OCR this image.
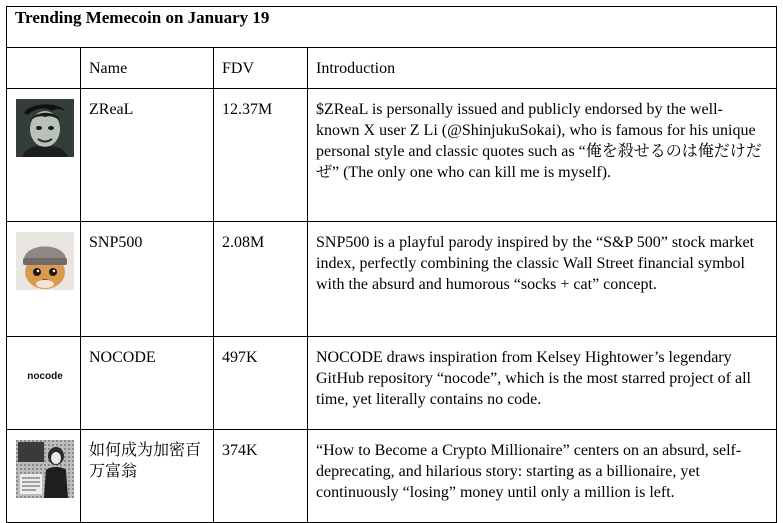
Trending Memecoin on January 19			
	Name	FDV	Introduction

	ZReaL	12.37M	$ZReaL is personally issued and publicly endorsed by the well-known X user Z Li (@ShinjukuSokai), who is famous for his unique personal style and classic quotes such as “俺を殺せるのは俺だけだぜ” (The only one who can kill me is myself).

	SNP500	2.08M	SNP500 is a playful parody inspired by the “S&P 500” stock market index, perfectly combining the classic Wall Street financial symbol with the absurd and humorous “socks + cat” concept.

nocode	NOCODE	497K	NOCODE draws inspiration from Kelsey Hightower’s legendary GitHub repository “nocode”, which is the most starred project of all time, yet literally contains no code.

	如何成为加密百万富翁	374K	“How to Become a Crypto Millionaire” centers on an absurd, self-deprecating, and hilarious story: starting as a billionaire, yet continuously “losing” money until only a million is left.
